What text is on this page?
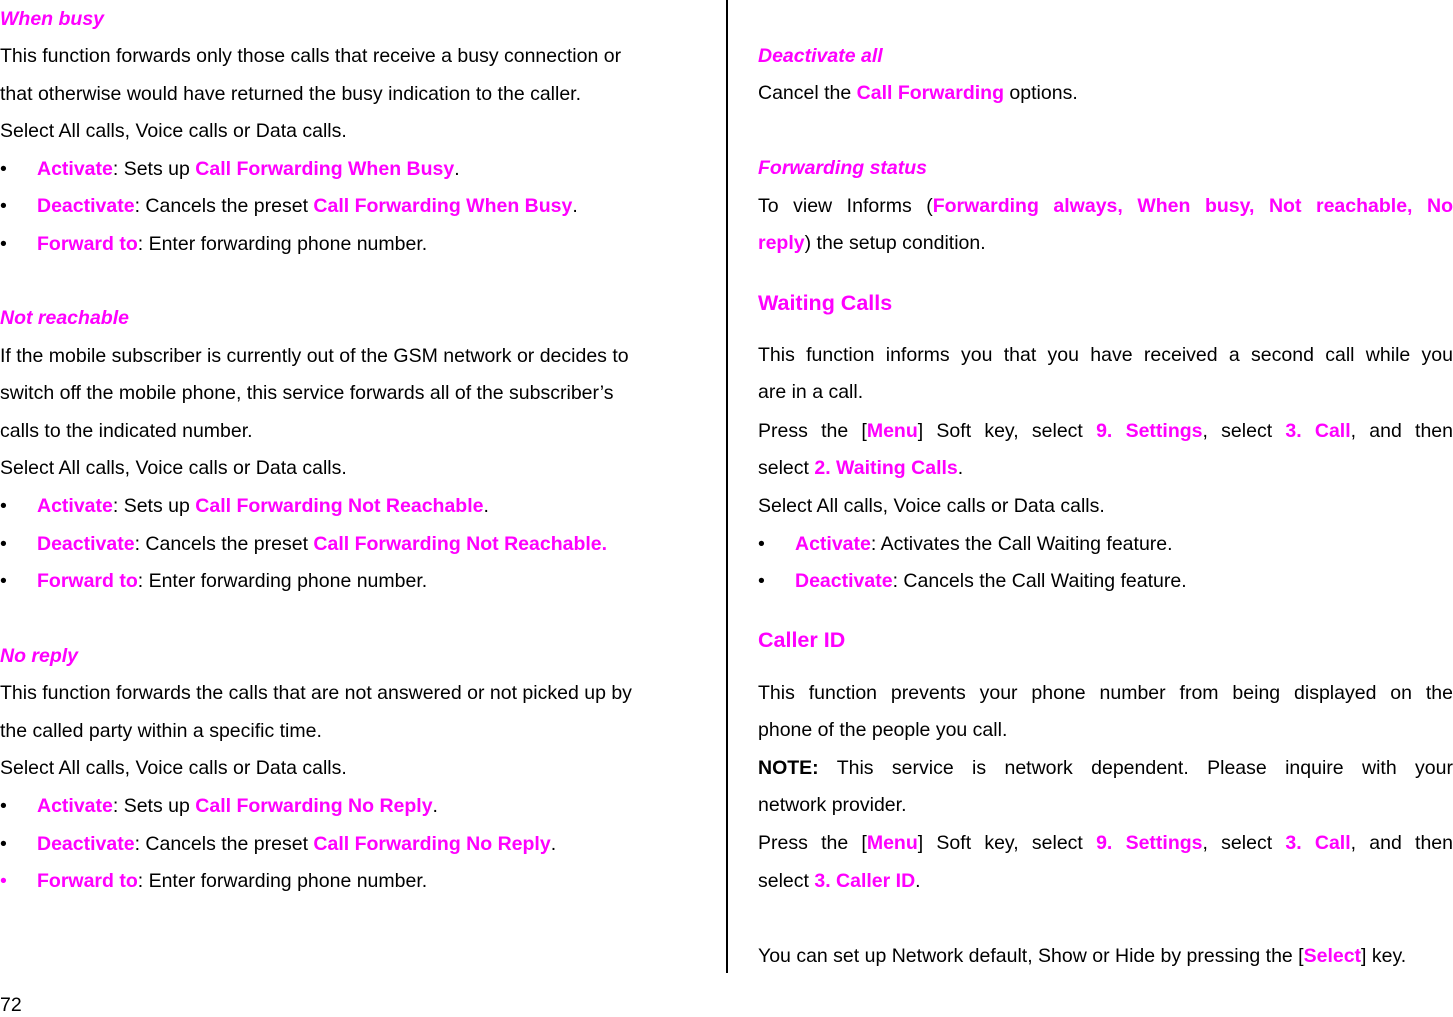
When busy
This function forwards only those calls that receive a busy connection or
that otherwise would have returned the busy indication to the caller.
Select All calls, Voice calls or Data calls.
•	Activate: Sets up Call Forwarding When Busy.
•	Deactivate: Cancels the preset Call Forwarding When Busy.
•	Forward to: Enter forwarding phone number.
Not reachable
If the mobile subscriber is currently out of the GSM network or decides to
switch off the mobile phone, this service forwards all of the subscriber’s
calls to the indicated number.
Select All calls, Voice calls or Data calls.
•	Activate: Sets up Call Forwarding Not Reachable.
•	Deactivate: Cancels the preset Call Forwarding Not Reachable.
•	Forward to: Enter forwarding phone number.
No reply
This function forwards the calls that are not answered or not picked up by
the called party within a specific time.
Select All calls, Voice calls or Data calls.
•	Activate: Sets up Call Forwarding No Reply.
•	Deactivate: Cancels the preset Call Forwarding No Reply.
•	Forward to: Enter forwarding phone number.
Deactivate all
Cancel the Call Forwarding options.
Forwarding status
To view Informs (Forwarding always, When busy, Not reachable, No
reply) the setup condition.
Waiting Calls
This function informs you that you have received a second call while you
are in a call.
Press the [Menu] Soft key, select 9. Settings, select 3. Call, and then
select 2. Waiting Calls.
Select All calls, Voice calls or Data calls.
•	Activate: Activates the Call Waiting feature.
•	Deactivate: Cancels the Call Waiting feature.
Caller ID
This function prevents your phone number from being displayed on the
phone of the people you call.
NOTE: This service is network dependent. Please inquire with your
network provider.
Press the [Menu] Soft key, select 9. Settings, select 3. Call, and then
select 3. Caller ID.
You can set up Network default, Show or Hide by pressing the [Select] key.
72
